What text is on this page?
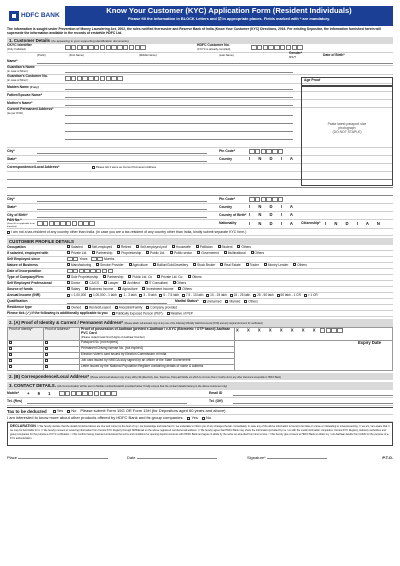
HDFC BANK
Know Your Customer (KYC) Application Form (Resident Individuals)
Please fill the information in BLOCK Letters and ☑ in appropriate places. Fields marked with * are mandatory.
The information is sought under Prevention of Money Laundering Act, 2002, the rules notified thereunder and Reserve Bank of India (Know Your Customer (KYC) Directions, 2016. For existing Depositor, the information furnished herein will supersede the information available in the records of erstwhile HDFC Ltd.
1. Customer Details (As appearing in your supporting identification documents)
CKYC Identifier
(Only if allotted)
HDFC Customer No.
(If KYC is already complied)
(Prefix)	(First Name)	(Middle Name)	(Last Name)
Gender*
M/F/T
Date of Birth*
Name*
Guardian's Name
(in case of Minor)
Guardian's Customer No.
(in case of Minor)
Maiden Name (if any)
Father/Spouse Name*
Mother's Name*
Current Permanent Address*
(as per OVD)
Age Proof
Paste latest passport size
photograph
(DO NOT STAPLE)
City*	Pin Code*
State*	Country	I N D I A
Correspondence/Local Address*	Please tick if same as Current Permanent Address
City*	Pin Code*
State*	Country	I N D I A
City of Birth*	Country of Birth* I N D I A
PAN No.*
(Form 60 as applicable if not furnished)
Nationality	I N D I A	Citizenship*	I N D I A N
I am not a tax-resident of any country other than India. (in case you are a tax-resident of any country other than India, kindly submit separate KYC form.)
CUSTOMER PROFILE DETAILS
Occupation	Salaried	Self-employed	Retired	Self-employed prof	Housewife	Politician	Student	Others
If salaried, employed with	Private Ltd.	Partnership	Proprietorship	Public Ltd.	Public sector	Government	Multinational	Others
Self Employed since	Years	Months
Nature of Business	Manufacturing	Service Provider	Agriculture	Bullion/Gold/Jewellery	Stock Broker	Real Estate	Trader	Money Lender	Others
Date of Incorporation
Type of Company/Firm	Sole Proprietorship	Partnership	Public Ltd. Co	Private Ltd. Co.	Others
Self Employed Professional	Doctor	CA/CS	Lawyer	Architect	IT Consultant	Others
Source of funds	Salary	Business Income	Agriculture	Investment Income	Others
Annual Income (INR)	< 1,00,000 1,00,000 - 1 lakh 1 - 3 lakh 3 - 5 lakh 5 - 7.5 lakh 7.5 - 10 lakh 10 - 15 lakh 15 - 25 lakh 25 - 50 lakh 50 lakh - 1 CR > 1 CR
Qualification	Marital Status*	Unmarried	Married	Others
Residence type	Owned	Rented/Leased	Ancestral/Family	Company provided
Please tick (✓) if the following is additionally applicable to you	Politically Exposed Person (PEP)	Relative of PEP
2. (A) Proof of Identity & Current / Permanent Address* (Please attach self-attested copy of any one of the following Officially Valid Documents (OVD) and only original document for verification)
Proof of Identity*	Proof of Address*	Proof of possession of Aadhaar (printed e-Aadhaar / e-KYC (Biometric / OTP based) Aadhaar PVC Card
(Please redact/mask first 8 digits of Aadhaar Number)	X X X X X X X X
		Passport No. [not expired]	Expiry Date

		Permanent Driving license No. [not expired]	
		Election Voter's card issued by Election Commission of India	
		Job card issued by NREGA duly signed by an officer of the State Government	
		Letter issued by the National Population Register containing details of name & address	
2. (B) Correspondence/Local Address* (Please submit self-attested copy of any utility bills (Electricity, Gas, Telephone, Post-paid Mobile etc which is not more than 2 months old or any other document acceptable to HDFC Bank)
3. CONTACT DETAILS. (All communication will be sent to Mobile number/Email-ID provided below. Kindly ensure that the contact details belong to the above customer only)
Mobile*	+ 9 1	Email ID
Tel. (Res)	Tel. (Off)
Tax to be deducted	Yes	No Please submit Form 15G OR Form 15H (for Depositors aged 60 years and above)
I am interested to know more about other products offered by HDFC Bank and its group companies:	Yes	No
DECLARATION I / We hereby declare that the details furnished above are true and correct to the best of my / our knowledge and belief and I / we undertake to inform you of any changes therein, immediately. In case any of the above information is found to be false or untrue or misleading or misrepresenting, I / we am / are aware that I / we may be held liable for it. I / We hereby consent to receiving information from Central KYC Registry through SMS/Email on the above registered number/email address. I / We hereby agree that HDFC Bank may share the information provided by me / us with the credit information companies, Central KYC Registry, statutory authorities and group companies for the purposes of KYC verification. I / We confirm having read and understood the terms and conditions for opening deposit accounts with HDFC Bank and agree to abide by the same as amended from time to time. I / We hereby give consent to HDFC Bank to obtain my / our Aadhaar details from UIDAI for the purpose of e-KYC authentication.
Place	Date	Signature*	P.T.O.
